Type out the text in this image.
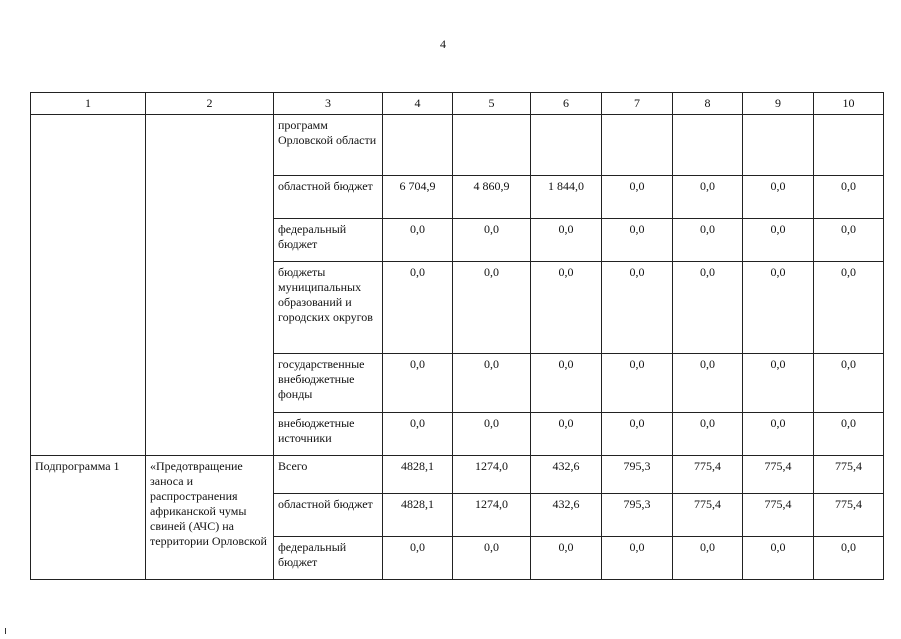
4
1	2	3	4	5	6	7	8	9	10
		программ Орловской области							
		областной бюджет	6 704,9	4 860,9	1 844,0	0,0	0,0	0,0	0,0
		федеральный бюджет	0,0	0,0	0,0	0,0	0,0	0,0	0,0
		бюджеты муниципальных образований и городских округов	0,0	0,0	0,0	0,0	0,0	0,0	0,0
		государственные внебюджетные фонды	0,0	0,0	0,0	0,0	0,0	0,0	0,0
		внебюджетные источники	0,0	0,0	0,0	0,0	0,0	0,0	0,0
Подпрограмма 1	«Предотвращение заноса и распространения африканской чумы свиней (АЧС) на территории Орловской	Всего	4828,1	1274,0	432,6	795,3	775,4	775,4	775,4
		областной бюджет	4828,1	1274,0	432,6	795,3	775,4	775,4	775,4
		федеральный бюджет	0,0	0,0	0,0	0,0	0,0	0,0	0,0
